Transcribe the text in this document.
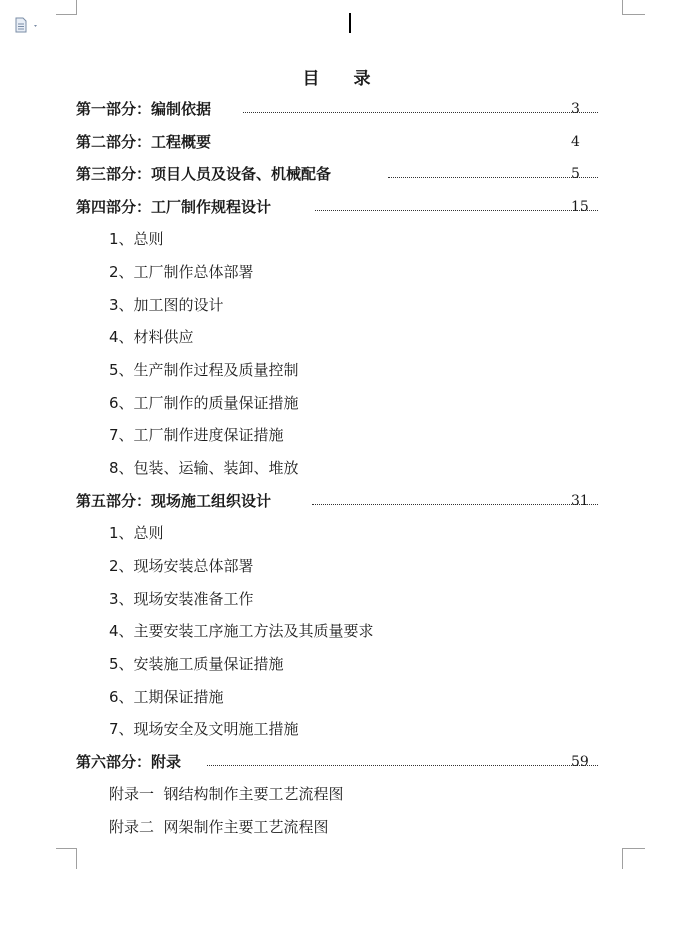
目 录
第一部分：编制依据	3
第二部分：工程概要	4
第三部分：项目人员及设备、机械配备	5
第四部分：工厂制作规程设计	15
1、总则
2、工厂制作总体部署
3、加工图的设计
4、材料供应
5、生产制作过程及质量控制
6、工厂制作的质量保证措施
7、工厂制作进度保证措施
8、包装、运输、装卸、堆放
第五部分：现场施工组织设计	31
1、总则
2、现场安装总体部署
3、现场安装准备工作
4、主要安装工序施工方法及其质量要求
5、安装施工质量保证措施
6、工期保证措施
7、现场安全及文明施工措施
第六部分：附录	59
附录一  钢结构制作主要工艺流程图
附录二  网架制作主要工艺流程图
